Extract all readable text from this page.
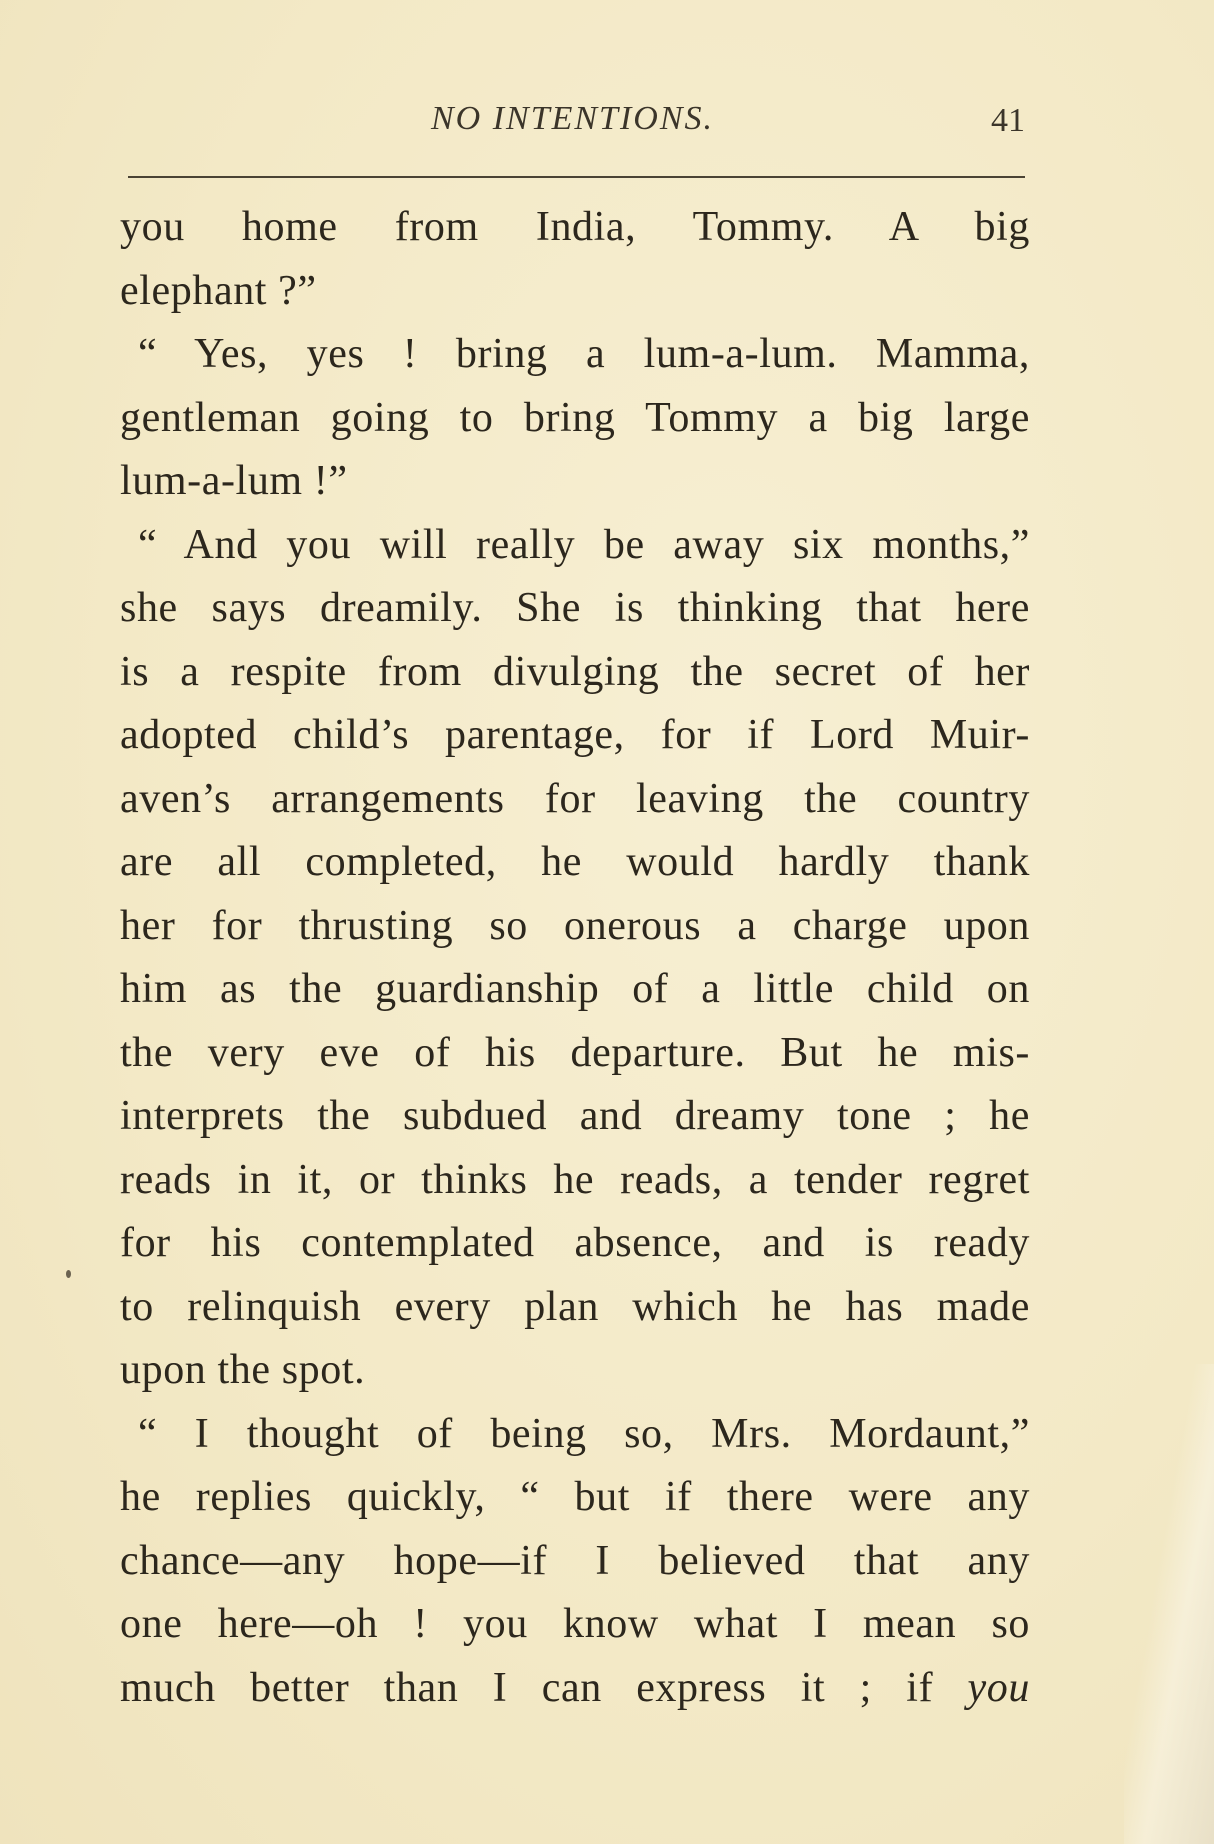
NO INTENTIONS.	41
you home from India, Tommy. A big
elephant ?”
“ Yes, yes ! bring a lum-a-lum. Mamma,
gentleman going to bring Tommy a big large
lum-a-lum !”
“ And you will really be away six months,”
she says dreamily. She is thinking that here
is a respite from divulging the secret of her
adopted child’s parentage, for if Lord Muir-
aven’s arrangements for leaving the country
are all completed, he would hardly thank
her for thrusting so onerous a charge upon
him as the guardianship of a little child on
the very eve of his departure. But he mis-
interprets the subdued and dreamy tone ; he
reads in it, or thinks he reads, a tender regret
for his contemplated absence, and is ready
to relinquish every plan which he has made
upon the spot.
“ I thought of being so, Mrs. Mordaunt,”
he replies quickly, “ but if there were any
chance—any hope—if I believed that any
one here—oh ! you know what I mean so
much better than I can express it ; if you
